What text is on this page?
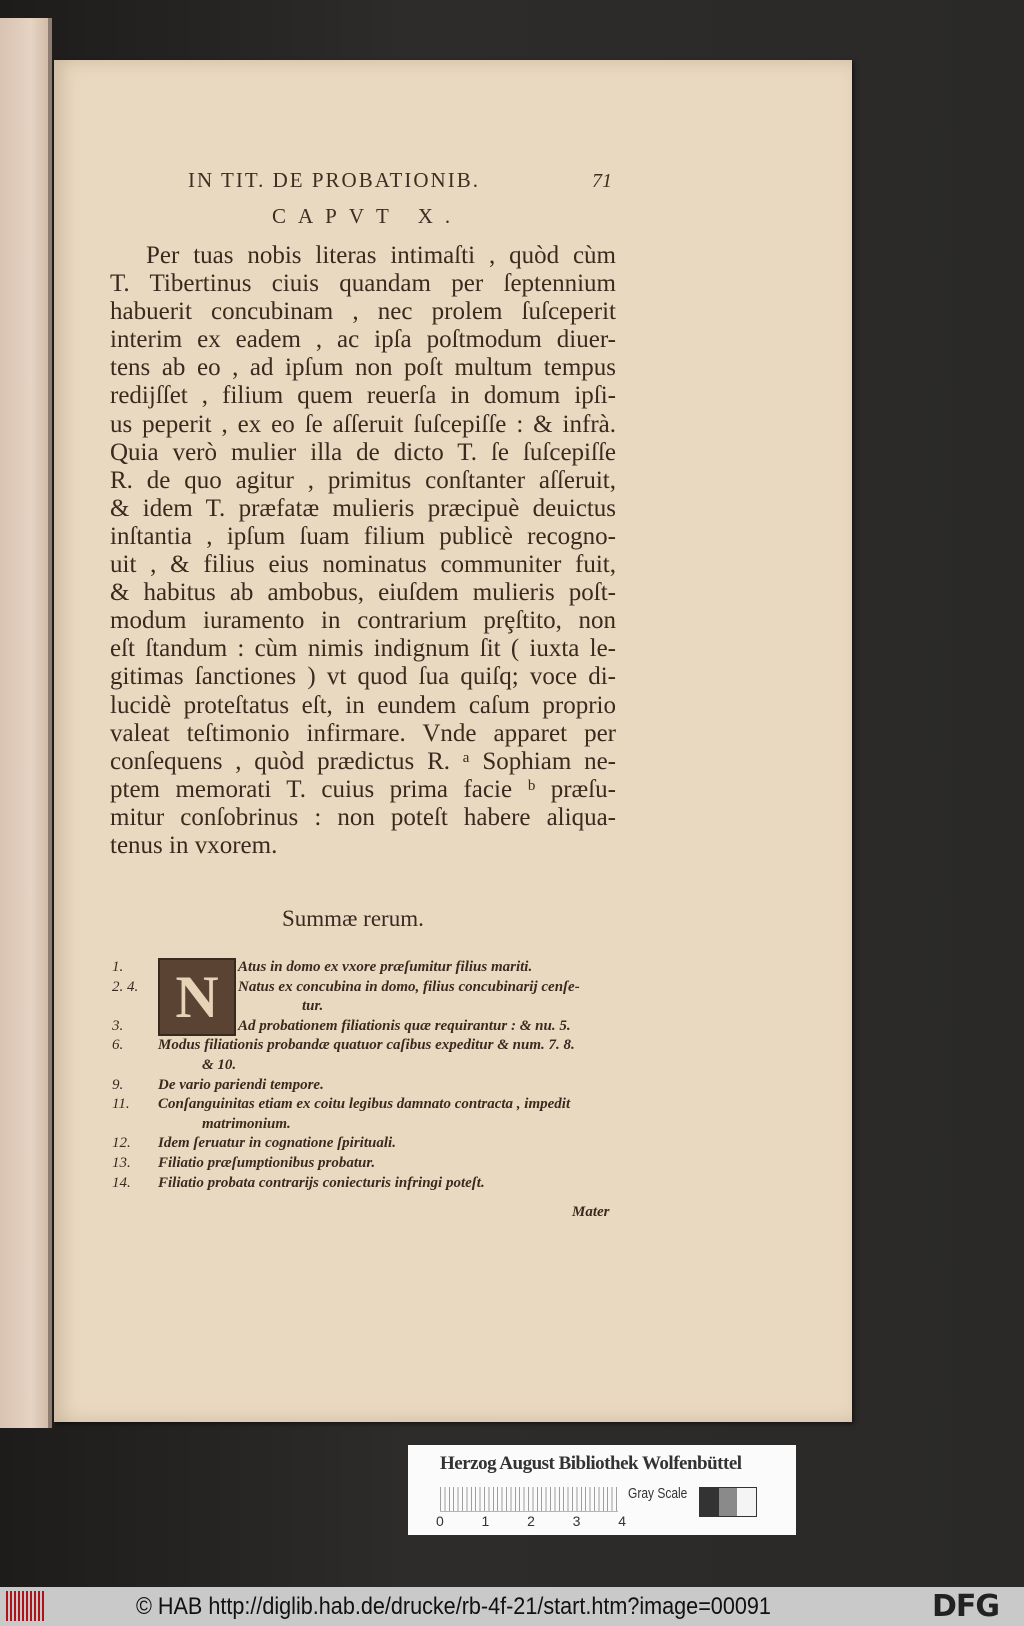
IN TIT. DE PROBATIONIB.	71
CAPVT X.
Per tuas nobis literas intimaſti , quòd cùm
T. Tibertinus ciuis quandam per ſeptennium
habuerit concubinam , nec prolem ſuſceperit
interim ex eadem , ac ipſa poſtmodum diuer-
tens ab eo , ad ipſum non poſt multum tempus
redijſſet , filium quem reuerſa in domum ipſi-
us peperit , ex eo ſe aſſeruit ſuſcepiſſe : & infrà.
Quia verò mulier illa de dicto T. ſe ſuſcepiſſe
R. de quo agitur , primitus conſtanter aſſeruit,
& idem T. præfatæ mulieris præcipuè deuictus
inſtantia , ipſum ſuam filium publicè recogno-
uit , & filius eius nominatus communiter fuit,
& habitus ab ambobus, eiuſdem mulieris poſt-
modum iuramento in contrarium prȩſtito, non
eſt ſtandum : cùm nimis indignum ſit ( iuxta le-
gitimas ſanctiones ) vt quod ſua quiſq; voce di-
lucidè proteſtatus eſt, in eundem caſum proprio
valeat teſtimonio infirmare. Vnde apparet per
conſequens , quòd prædictus R. ᵃ Sophiam ne-
ptem memorati T. cuius prima facie ᵇ præſu-
mitur conſobrinus : non poteſt habere aliqua-
tenus in vxorem.
Summæ rerum.
N
1.	Atus in domo ex vxore præſumitur filius mariti.
2. 4.	Natus ex concubina in domo, filius concubinarij cenſe-
tur.
3.	Ad probationem filiationis quæ requirantur : & nu. 5.
6.	Modus filiationis probandæ quatuor caſibus expeditur & num. 7. 8.
& 10.
9.	De vario pariendi tempore.
11.	Conſanguinitas etiam ex coitu legibus damnato contracta , impedit
matrimonium.
12.	Idem ſeruatur in cognatione ſpirituali.
13.	Filiatio præſumptionibus probatur.
14.	Filiatio probata contrarijs coniecturis infringi poteſt.
Mater
Herzog August Bibliothek Wolfenbüttel
0	1	2	3	4
Gray Scale
© HAB http://diglib.hab.de/drucke/rb-4f-21/start.htm?image=00091	DFG
